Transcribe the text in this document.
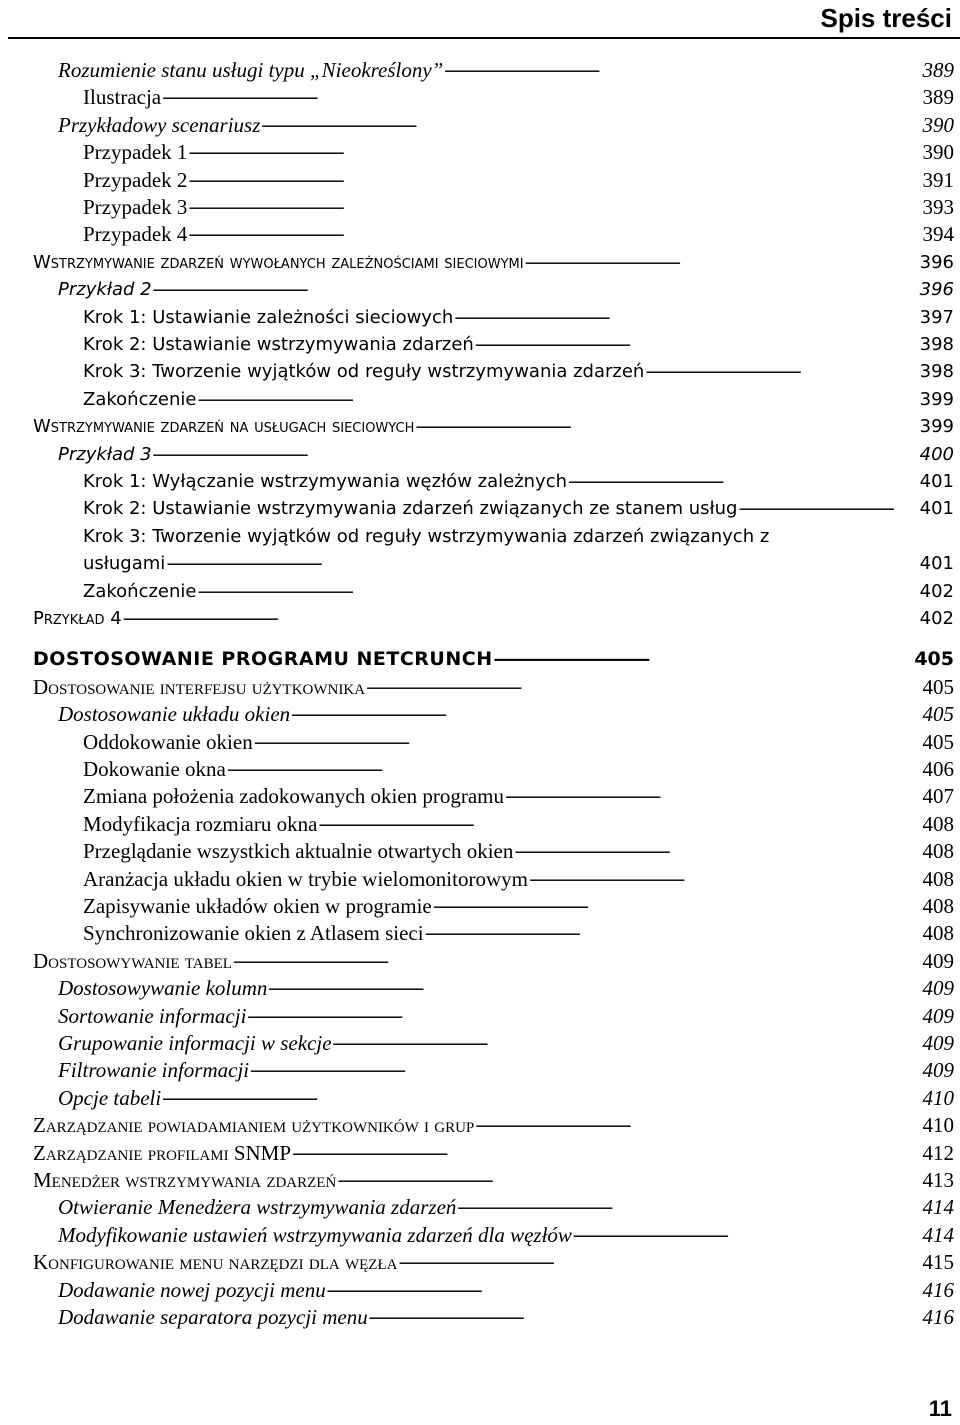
Spis treści
Rozumienie stanu usługi typu „Nieokreślony” . . .	389
Ilustracja . . .	389
Przykładowy scenariusz . . .	390
Przypadek 1 . . .	390
Przypadek 2 . . .	391
Przypadek 3 . . .	393
Przypadek 4 . . .	394
Wstrzymywanie zdarzeń wywołanych zależnościami sieciowymi . . .	396
Przykład 2 . . .	396
Krok 1: Ustawianie zależności sieciowych . . .	397
Krok 2: Ustawianie wstrzymywania zdarzeń . . .	398
Krok 3: Tworzenie wyjątków od reguły wstrzymywania zdarzeń . . .	398
Zakończenie . . .	399
Wstrzymywanie zdarzeń na usługach sieciowych . . .	399
Przykład 3 . . .	400
Krok 1: Wyłączanie wstrzymywania węzłów zależnych . . .	401
Krok 2: Ustawianie wstrzymywania zdarzeń związanych ze stanem usług . . .	401
Krok 3: Tworzenie wyjątków od reguły wstrzymywania zdarzeń związanych z
usługami . . .	401
Zakończenie . . .	402
Przykład 4 . . .	402
DOSTOSOWANIE PROGRAMU NETCRUNCH . . .	405
Dostosowanie interfejsu użytkownika . . .	405
Dostosowanie układu okien . . .	405
Oddokowanie okien . . .	405
Dokowanie okna . . .	406
Zmiana położenia zadokowanych okien programu . . .	407
Modyfikacja rozmiaru okna . . .	408
Przeglądanie wszystkich aktualnie otwartych okien . . .	408
Aranżacja układu okien w trybie wielomonitorowym . . .	408
Zapisywanie układów okien w programie . . .	408
Synchronizowanie okien z Atlasem sieci . . .	408
Dostosowywanie tabel . . .	409
Dostosowywanie kolumn . . .	409
Sortowanie informacji . . .	409
Grupowanie informacji w sekcje . . .	409
Filtrowanie informacji . . .	409
Opcje tabeli . . .	410
Zarządzanie powiadamianiem użytkowników i grup . . .	410
Zarządzanie profilami SNMP . . .	412
Menedżer wstrzymywania zdarzeń . . .	413
Otwieranie Menedżera wstrzymywania zdarzeń . . .	414
Modyfikowanie ustawień wstrzymywania zdarzeń dla węzłów . . .	414
Konfigurowanie menu narzędzi dla węzła . . .	415
Dodawanie nowej pozycji menu . . .	416
Dodawanie separatora pozycji menu . . .	416
11
